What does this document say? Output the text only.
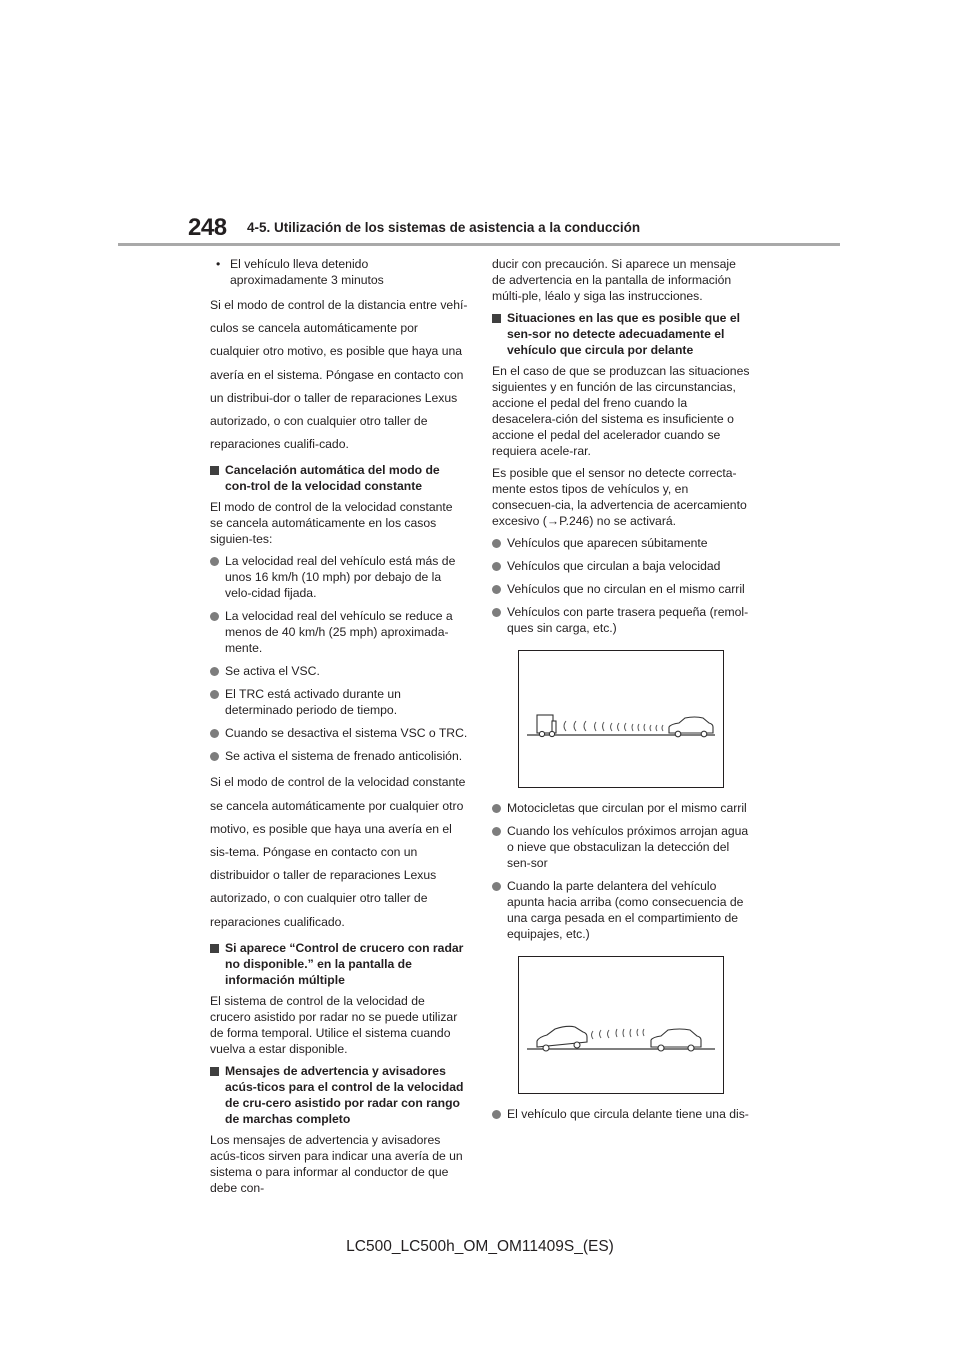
248 4-5. Utilización de los sistemas de asistencia a la conducción
• El vehículo lleva detenido aproximadamente 3 minutos

Si el modo de control de la distancia entre vehí-culos se cancela automáticamente por cualquier otro motivo, es posible que haya una avería en el sistema. Póngase en contacto con un distribui-dor o taller de reparaciones Lexus autorizado, o con cualquier otro taller de reparaciones cualifi-cado.

Cancelación automática del modo de con-trol de la velocidad constante

El modo de control de la velocidad constante se cancela automáticamente en los casos siguien-tes:

La velocidad real del vehículo está más de unos 16 km/h (10 mph) por debajo de la velo-cidad fijada.
La velocidad real del vehículo se reduce a menos de 40 km/h (25 mph) aproximada-mente.
Se activa el VSC.
El TRC está activado durante un determinado periodo de tiempo.
Cuando se desactiva el sistema VSC o TRC.
Se activa el sistema de frenado anticolisión.

Si el modo de control de la velocidad constante se cancela automáticamente por cualquier otro motivo, es posible que haya una avería en el sis-tema. Póngase en contacto con un distribuidor o taller de reparaciones Lexus autorizado, o con cualquier otro taller de reparaciones cualificado.

Si aparece “Control de crucero con radar no disponible.” en la pantalla de información múltiple

El sistema de control de la velocidad de crucero asistido por radar no se puede utilizar de forma temporal. Utilice el sistema cuando vuelva a estar disponible.

Mensajes de advertencia y avisadores acús-ticos para el control de la velocidad de cru-cero asistido por radar con rango de marchas completo

Los mensajes de advertencia y avisadores acús-ticos sirven para indicar una avería de un sistema o para informar al conductor de que debe con-

ducir con precaución. Si aparece un mensaje de advertencia en la pantalla de información múlti-ple, léalo y siga las instrucciones.

Situaciones en las que es posible que el sen-sor no detecte adecuadamente el vehículo que circula por delante

En el caso de que se produzcan las situaciones siguientes y en función de las circunstancias, accione el pedal del freno cuando la desacelera-ción del sistema es insuficiente o accione el pedal del acelerador cuando se requiera acele-rar.

Es posible que el sensor no detecte correcta-mente estos tipos de vehículos y, en consecuen-cia, la advertencia de acercamiento excesivo (→P.246) no se activará.

Vehículos que aparecen súbitamente
Vehículos que circulan a baja velocidad
Vehículos que no circulan en el mismo carril
Vehículos con parte trasera pequeña (remol-ques sin carga, etc.)
Motocicletas que circulan por el mismo carril
Cuando los vehículos próximos arrojan agua o nieve que obstaculizan la detección del sen-sor
Cuando la parte delantera del vehículo apunta hacia arriba (como consecuencia de una carga pesada en el compartimiento de equipajes, etc.)
El vehículo que circula delante tiene una dis-
LC500_LC500h_OM_OM11409S_(ES)
